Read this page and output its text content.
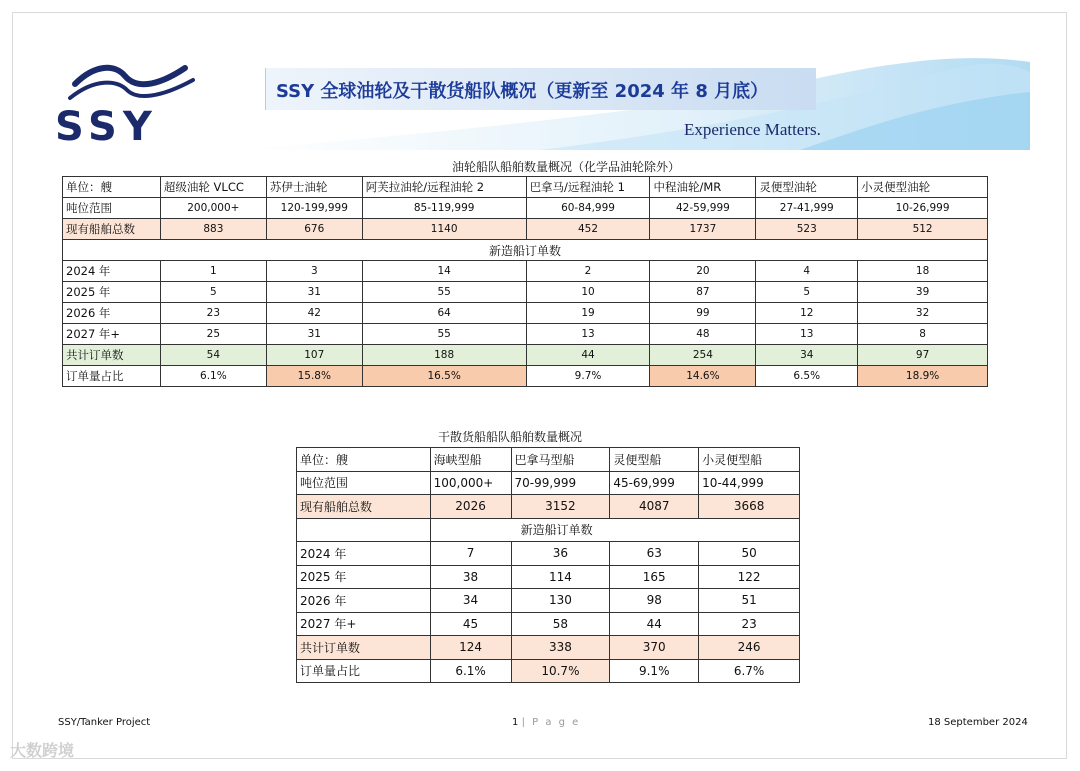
SSY
SSY 全球油轮及干散货船队概况（更新至 2024 年 8 月底）
Experience Matters.
油轮船队船舶数量概况（化学品油轮除外）
单位：艘	超级油轮 VLCC	苏伊士油轮	阿芙拉油轮/远程油轮 2	巴拿马/远程油轮 1	中程油轮/MR	灵便型油轮	小灵便型油轮
吨位范围	200,000+	120-199,999	85-119,999	60-84,999	42-59,999	27-41,999	10-26,999
现有船舶总数	883	676	1140	452	1737	523	512
新造船订单数							
2024 年	1	3	14	2	20	4	18
2025 年	5	31	55	10	87	5	39
2026 年	23	42	64	19	99	12	32
2027 年+	25	31	55	13	48	13	8
共计订单数	54	107	188	44	254	34	97
订单量占比	6.1%	15.8%	16.5%	9.7%	14.6%	6.5%	18.9%
干散货船船队船舶数量概况
单位：艘	海峡型船	巴拿马型船	灵便型船	小灵便型船
吨位范围	100,000+	70-99,999	45-69,999	10-44,999
现有船舶总数	2026	3152	4087	3668
	新造船订单数			
2024 年	7	36	63	50
2025 年	38	114	165	122
2026 年	34	130	98	51
2027 年+	45	58	44	23
共计订单数	124	338	370	246
订单量占比	6.1%	10.7%	9.1%	6.7%
SSY/Tanker Project	1 | P a g e	18 September 2024
大数跨境
